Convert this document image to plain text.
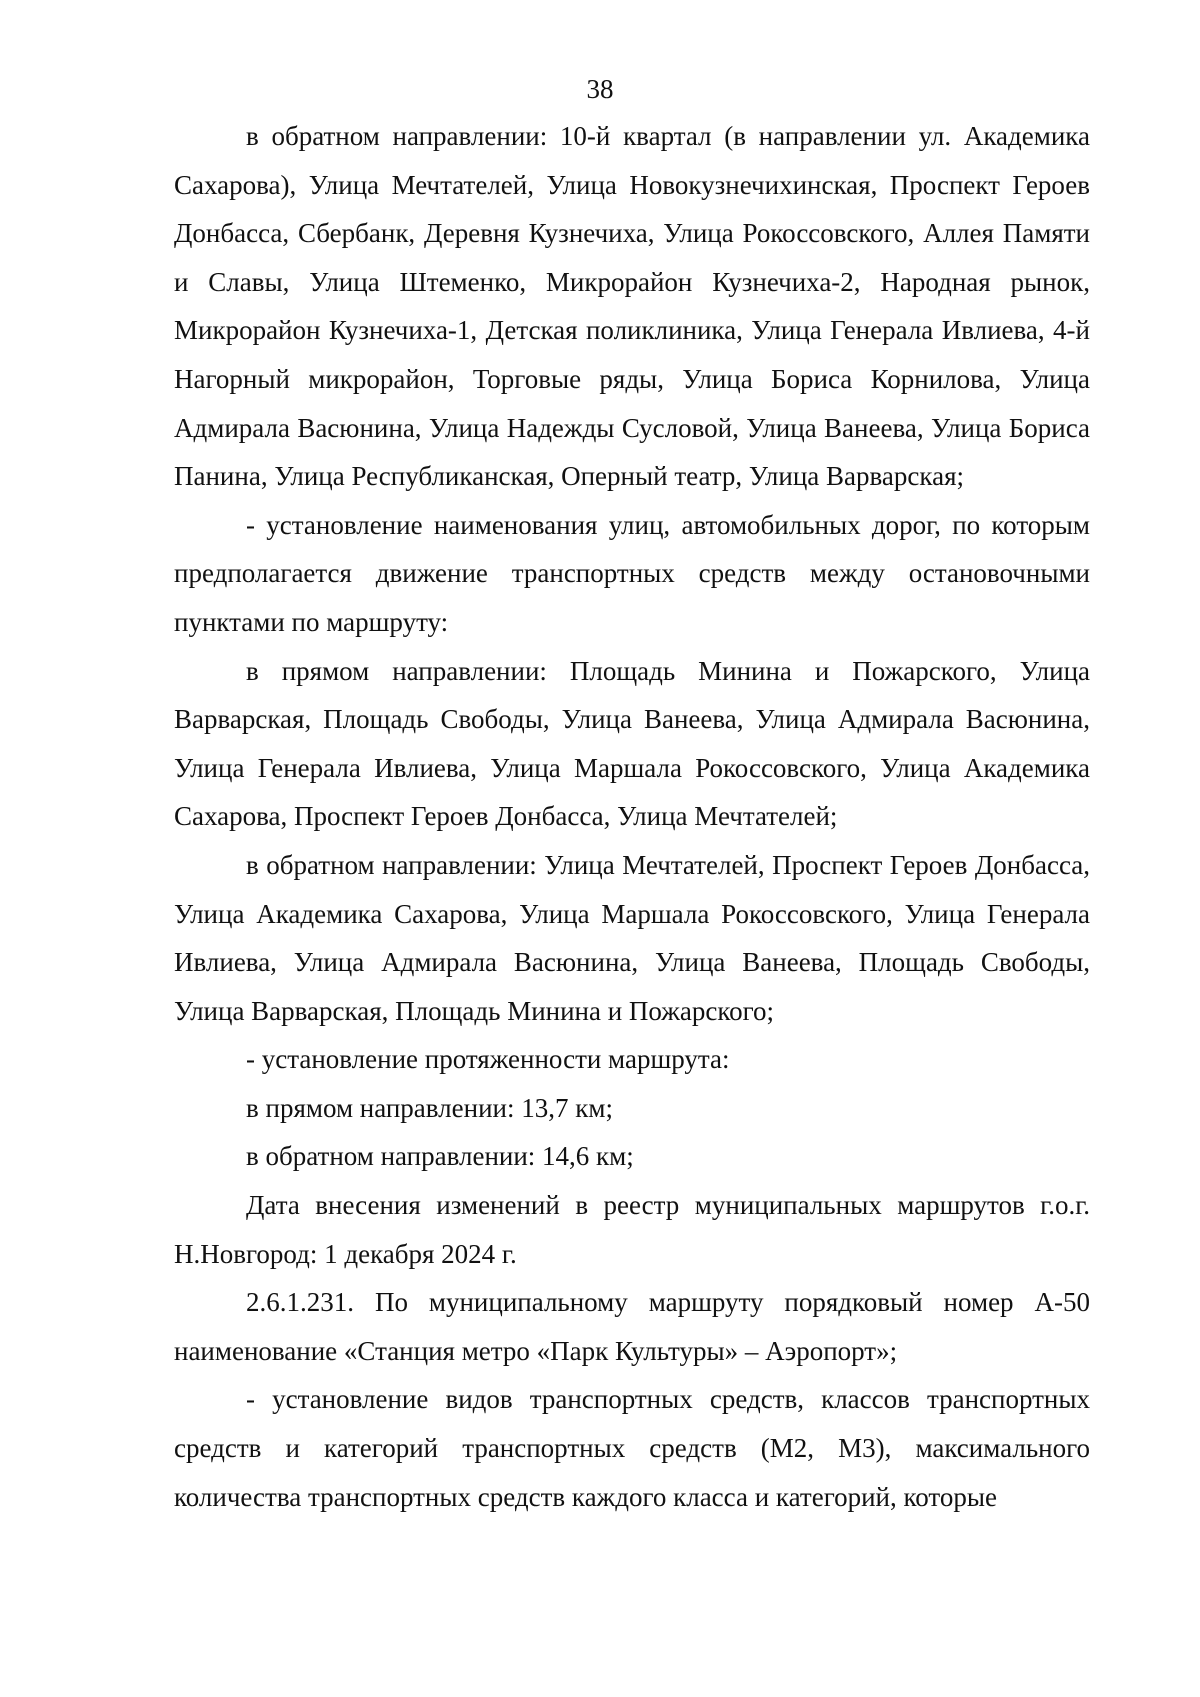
38

в обратном направлении: 10-й квартал (в направлении ул. Академика Сахарова), Улица Мечтателей, Улица Новокузнечихинская, Проспект Героев Донбасса, Сбербанк, Деревня Кузнечиха, Улица Рокоссовского, Аллея Памяти и Славы, Улица Штеменко, Микрорайон Кузнечиха-2, Народная рынок, Микрорайон Кузнечиха-1, Детская поликлиника, Улица Генерала Ивлиева, 4-й Нагорный микрорайон, Торговые ряды, Улица Бориса Корнилова, Улица Адмирала Васюнина, Улица Надежды Сусловой, Улица Ванеева, Улица Бориса Панина, Улица Республиканская, Оперный театр, Улица Варварская;

- установление наименования улиц, автомобильных дорог, по которым предполагается движение транспортных средств между остановочными пунктами по маршруту:

в прямом направлении: Площадь Минина и Пожарского, Улица Варварская, Площадь Свободы, Улица Ванеева, Улица Адмирала Васюнина, Улица Генерала Ивлиева, Улица Маршала Рокоссовского, Улица Академика Сахарова, Проспект Героев Донбасса, Улица Мечтателей;

в обратном направлении: Улица Мечтателей, Проспект Героев Донбасса, Улица Академика Сахарова, Улица Маршала Рокоссовского, Улица Генерала Ивлиева, Улица Адмирала Васюнина, Улица Ванеева, Площадь Свободы, Улица Варварская, Площадь Минина и Пожарского;

- установление протяженности маршрута:

в прямом направлении: 13,7 км;

в обратном направлении: 14,6 км;

Дата внесения изменений в реестр муниципальных маршрутов г.о.г. Н.Новгород: 1 декабря 2024 г.

2.6.1.231. По муниципальному маршруту порядковый номер А-50 наименование «Станция метро «Парк Культуры» – Аэропорт»;

- установление видов транспортных средств, классов транспортных средств и категорий транспортных средств (М2, М3), максимального количества транспортных средств каждого класса и категорий, которые
